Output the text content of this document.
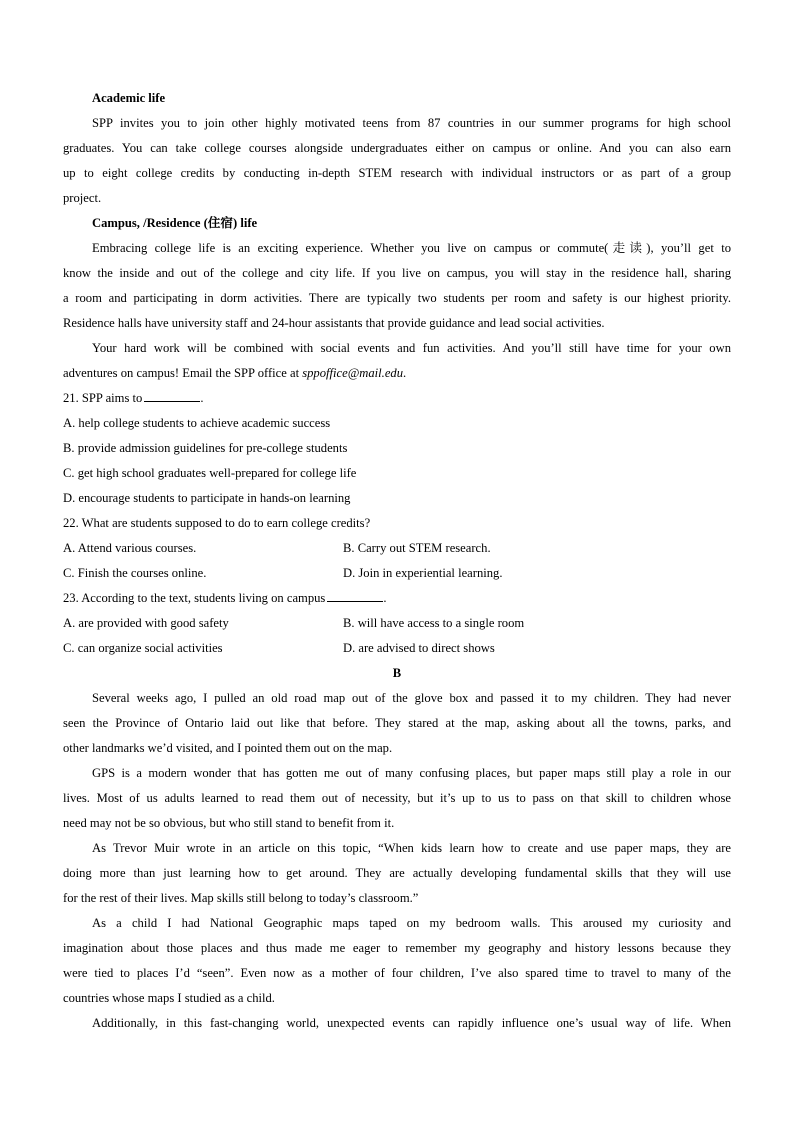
Academic life
SPP invites you to join other highly motivated teens from 87 countries in our summer programs for high school
graduates. You can take college courses alongside undergraduates either on campus or online. And you can also earn
up to eight college credits by conducting in-depth STEM research with individual instructors or as part of a group
project.
Campus, /Residence (住宿) life
Embracing college life is an exciting experience. Whether you live on campus or commute(走读), you’ll get to
know the inside and out of the college and city life. If you live on campus, you will stay in the residence hall, sharing
a room and participating in dorm activities. There are typically two students per room and safety is our highest priority.
Residence halls have university staff and 24-hour assistants that provide guidance and lead social activities.
Your hard work will be combined with social events and fun activities. And you’ll still have time for your own
adventures on campus! Email the SPP office at sppoffice@mail.edu.
21. SPP aims to	.
A. help college students to achieve academic success
B. provide admission guidelines for pre-college students
C. get high school graduates well-prepared for college life
D. encourage students to participate in hands-on learning
22. What are students supposed to do to earn college credits?
A. Attend various courses.	B. Carry out STEM research.
C. Finish the courses online.	D. Join in experiential learning.
23. According to the text, students living on campus	.
A. are provided with good safety	B. will have access to a single room
C. can organize social activities	D. are advised to direct shows
B
Several weeks ago, I pulled an old road map out of the glove box and passed it to my children. They had never
seen the Province of Ontario laid out like that before. They stared at the map, asking about all the towns, parks, and
other landmarks we’d visited, and I pointed them out on the map.
GPS is a modern wonder that has gotten me out of many confusing places, but paper maps still play a role in our
lives. Most of us adults learned to read them out of necessity, but it’s up to us to pass on that skill to children whose
need may not be so obvious, but who still stand to benefit from it.
As Trevor Muir wrote in an article on this topic, “When kids learn how to create and use paper maps, they are
doing more than just learning how to get around. They are actually developing fundamental skills that they will use
for the rest of their lives. Map skills still belong to today’s classroom.”
As a child I had National Geographic maps taped on my bedroom walls. This aroused my curiosity and
imagination about those places and thus made me eager to remember my geography and history lessons because they
were tied to places I’d “seen”. Even now as a mother of four children, I’ve also spared time to travel to many of the
countries whose maps I studied as a child.
Additionally, in this fast-changing world, unexpected events can rapidly influence one’s usual way of life. When
